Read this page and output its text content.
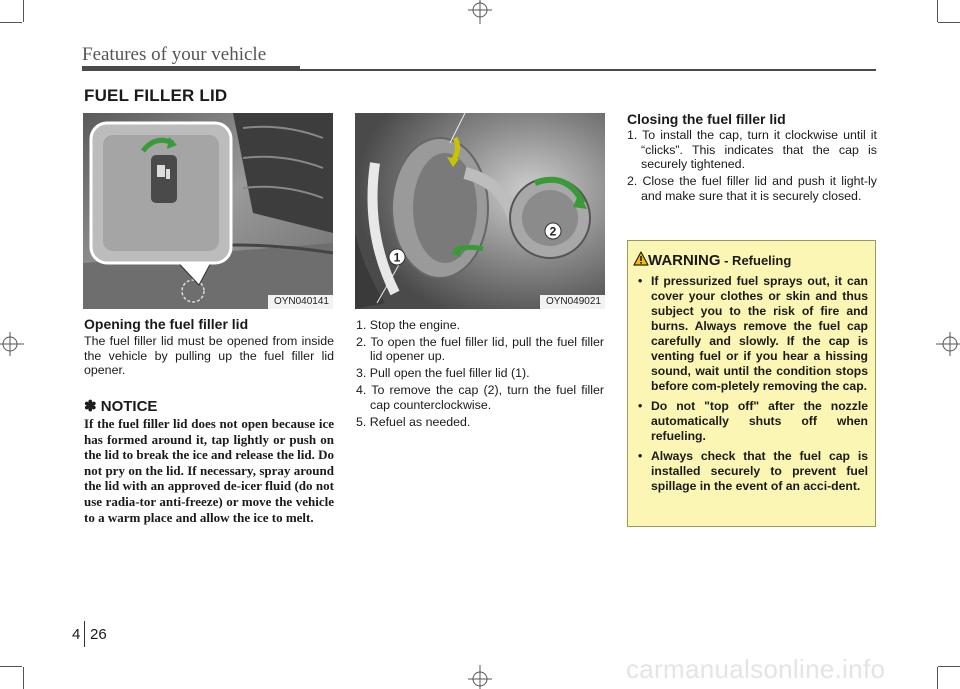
Features of your vehicle
FUEL FILLER LID
OYN040141
1
2
OYN049021
Opening the fuel filler lid
The fuel filler lid must be opened from inside the vehicle by pulling up the fuel filler lid opener.
✽ NOTICE
If the fuel filler lid does not open because ice has formed around it, tap lightly or push on the lid to break the ice and release the lid. Do not pry on the lid. If necessary, spray around the lid with an approved de-icer fluid (do not use radia-tor anti-freeze) or move the vehicle to a warm place and allow the ice to melt.
1. Stop the engine.
2. To open the fuel filler lid, pull the fuel filler lid opener up.
3. Pull open the fuel filler lid (1).
4. To remove the cap (2), turn the fuel filler cap counterclockwise.
5. Refuel as needed.
Closing the fuel filler lid
1. To install the cap, turn it clockwise until it “clicks”. This indicates that the cap is securely tightened.
2. Close the fuel filler lid and push it light-ly and make sure that it is securely closed.
WARNING - Refueling
• If pressurized fuel sprays out, it can cover your clothes or skin and thus subject you to the risk of fire and burns. Always remove the fuel cap carefully and slowly. If the cap is venting fuel or if you hear a hissing sound, wait until the condition stops before com-pletely removing the cap.
• Do not "top off" after the nozzle automatically shuts off when refueling.
• Always check that the fuel cap is installed securely to prevent fuel spillage in the event of an acci-dent.
4 26
carmanualsonline.info
